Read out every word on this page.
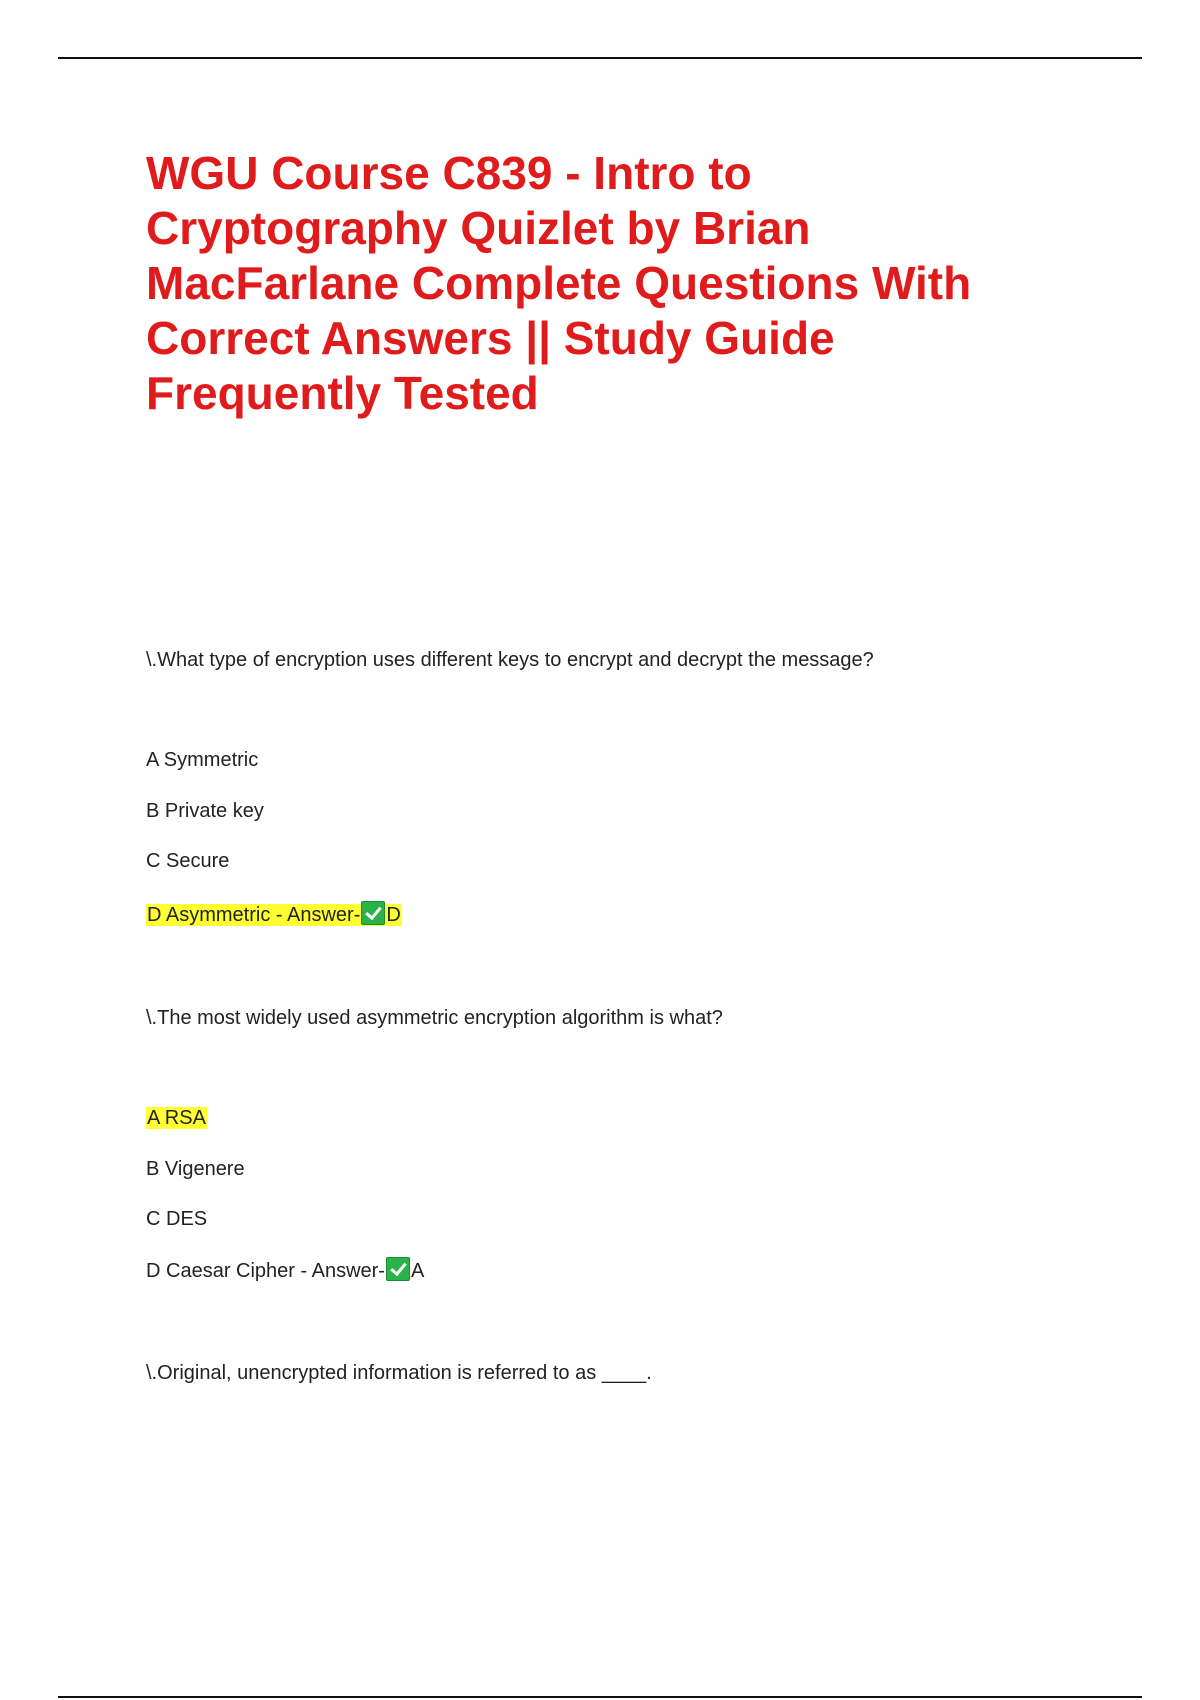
WGU Course C839 - Intro to Cryptography Quizlet by Brian MacFarlane Complete Questions With Correct Answers || Study Guide Frequently Tested
\.What type of encryption uses different keys to encrypt and decrypt the message?
A Symmetric
B Private key
C Secure
D Asymmetric - Answer- D
\.The most widely used asymmetric encryption algorithm is what?
A RSA
B Vigenere
C DES
D Caesar Cipher - Answer- A
\.Original, unencrypted information is referred to as ____.
